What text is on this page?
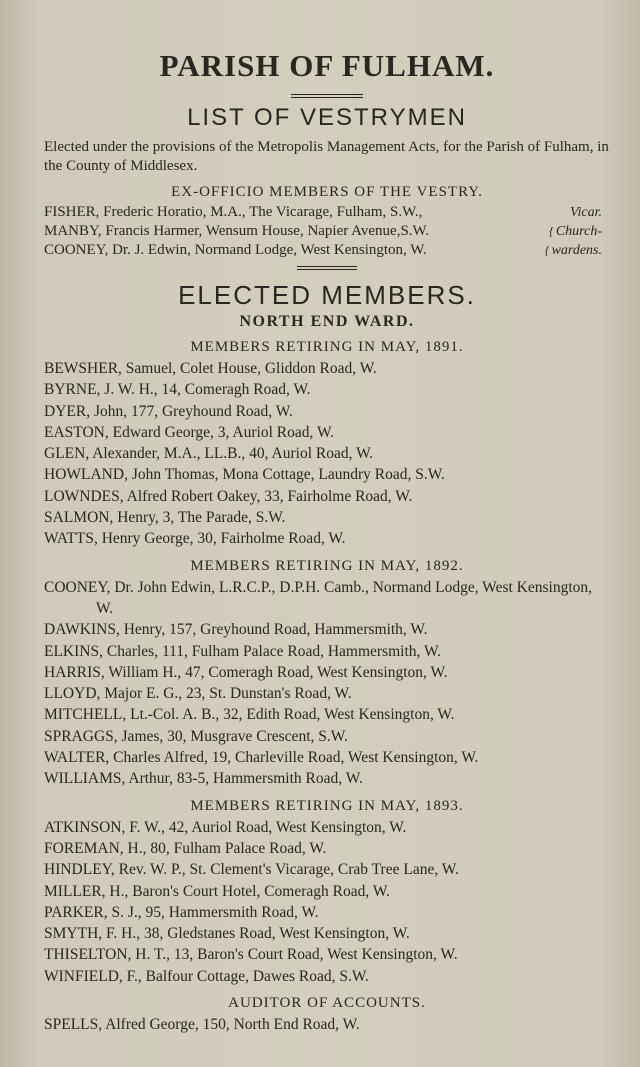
PARISH OF FULHAM.
LIST OF VESTRYMEN

Elected under the provisions of the Metropolis Management Acts, for the Parish of Fulham, in the County of Middlesex.

EX-OFFICIO MEMBERS OF THE VESTRY.
FISHER, Frederic Horatio, M.A., The Vicarage, Fulham, S.W.,	Vicar.
MANBY, Francis Harmer, Wensum House, Napier Avenue,S.W.	{ Church-
COONEY, Dr. J. Edwin, Normand Lodge, West Kensington, W.	{ wardens.
ELECTED MEMBERS.
NORTH END WARD.
MEMBERS RETIRING IN MAY, 1891.
BEWSHER, Samuel, Colet House, Gliddon Road, W.
BYRNE, J. W. H., 14, Comeragh Road, W.
DYER, John, 177, Greyhound Road, W.
EASTON, Edward George, 3, Auriol Road, W.
GLEN, Alexander, M.A., LL.B., 40, Auriol Road, W.
HOWLAND, John Thomas, Mona Cottage, Laundry Road, S.W.
LOWNDES, Alfred Robert Oakey, 33, Fairholme Road, W.
SALMON, Henry, 3, The Parade, S.W.
WATTS, Henry George, 30, Fairholme Road, W.
MEMBERS RETIRING IN MAY, 1892.
COONEY, Dr. John Edwin, L.R.C.P., D.P.H. Camb., Normand Lodge, West Kensington, W.
DAWKINS, Henry, 157, Greyhound Road, Hammersmith, W.
ELKINS, Charles, 111, Fulham Palace Road, Hammersmith, W.
HARRIS, William H., 47, Comeragh Road, West Kensington, W.
LLOYD, Major E. G., 23, St. Dunstan's Road, W.
MITCHELL, Lt.-Col. A. B., 32, Edith Road, West Kensington, W.
SPRAGGS, James, 30, Musgrave Crescent, S.W.
WALTER, Charles Alfred, 19, Charleville Road, West Kensington, W.
WILLIAMS, Arthur, 83-5, Hammersmith Road, W.
MEMBERS RETIRING IN MAY, 1893.
ATKINSON, F. W., 42, Auriol Road, West Kensington, W.
FOREMAN, H., 80, Fulham Palace Road, W.
HINDLEY, Rev. W. P., St. Clement's Vicarage, Crab Tree Lane, W.
MILLER, H., Baron's Court Hotel, Comeragh Road, W.
PARKER, S. J., 95, Hammersmith Road, W.
SMYTH, F. H., 38, Gledstanes Road, West Kensington, W.
THISELTON, H. T., 13, Baron's Court Road, West Kensington, W.
WINFIELD, F., Balfour Cottage, Dawes Road, S.W.
AUDITOR OF ACCOUNTS.
SPELLS, Alfred George, 150, North End Road, W.
